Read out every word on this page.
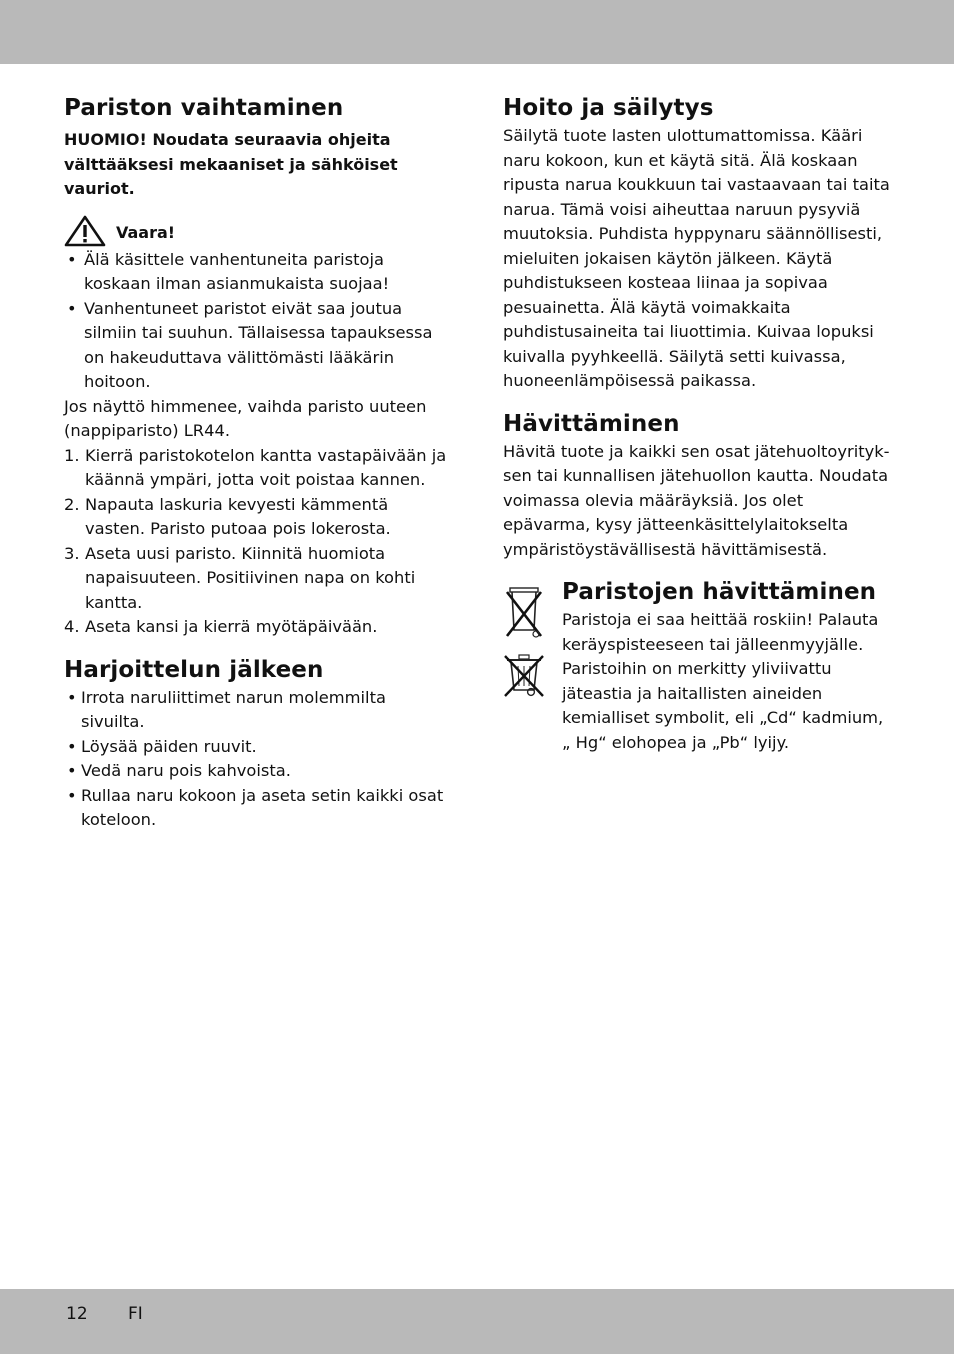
Pariston vaihtaminen

HUOMIO! Noudata seuraavia ohjeita välttääksesi mekaaniset ja sähköiset vauriot.

Vaara!
• Älä käsittele vanhentuneita paristoja koskaan ilman asianmukaista suojaa!
• Vanhentuneet paristot eivät saa joutua silmiin tai suuhun. Tällaisessa tapauksessa on hakeuduttava välittömästi lääkärin hoitoon.

Jos näyttö himmenee, vaihda paristo uuteen (nappiparisto) LR44.

1. Kierrä paristokotelon kantta vastapäivään ja käännä ympäri, jotta voit poistaa kannen.
2. Napauta laskuria kevyesti kämmentä vasten. Paristo putoaa pois lokerosta.
3. Aseta uusi paristo. Kiinnitä huomiota napaisuuteen. Positiivinen napa on kohti kantta.
4. Aseta kansi ja kierrä myötäpäivään.
Harjoittelun jälkeen
• Irrota naruliittimet narun molemmilta sivuilta.
• Löysää päiden ruuvit.
• Vedä naru pois kahvoista.
• Rullaa naru kokoon ja aseta setin kaikki osat koteloon.
Hoito ja säilytys

Säilytä tuote lasten ulottumattomissa. Kääri naru kokoon, kun et käytä sitä. Älä koskaan ripusta narua koukkuun tai vastaavaan tai taita narua. Tämä voisi aiheuttaa naruun pysyviä muutoksia. Puhdista hyppynaru säännöllisesti, mieluiten jokaisen käytön jälkeen. Käytä puhdistukseen kosteaa liinaa ja sopivaa pesuainetta. Älä käytä voimakkaita puhdistusaineita tai liuottimia. Kuivaa lopuksi kuivalla pyyhkeellä. Säilytä setti kuivassa, huoneenlämpöisessä paikassa.

Hävittäminen

Hävitä tuote ja kaikki sen osat jätehuoltoyrityksen tai kunnallisen jätehuollon kautta. Noudata voimassa olevia määräyksiä. Jos olet epävarma, kysy jätteenkäsittelylaitokselta ympäristöystävällisestä hävittämisestä.

Paristojen hävittäminen

Paristoja ei saa heittää roskiin! Palauta keräyspisteeseen tai jälleenmyyjälle. Paristoihin on merkitty yliviivattu jäteastia ja haitallisten aineiden kemialliset symbolit, eli „Cd“ kadmium, „ Hg“ elohopea ja „Pb“ lyijy.

12 FI
